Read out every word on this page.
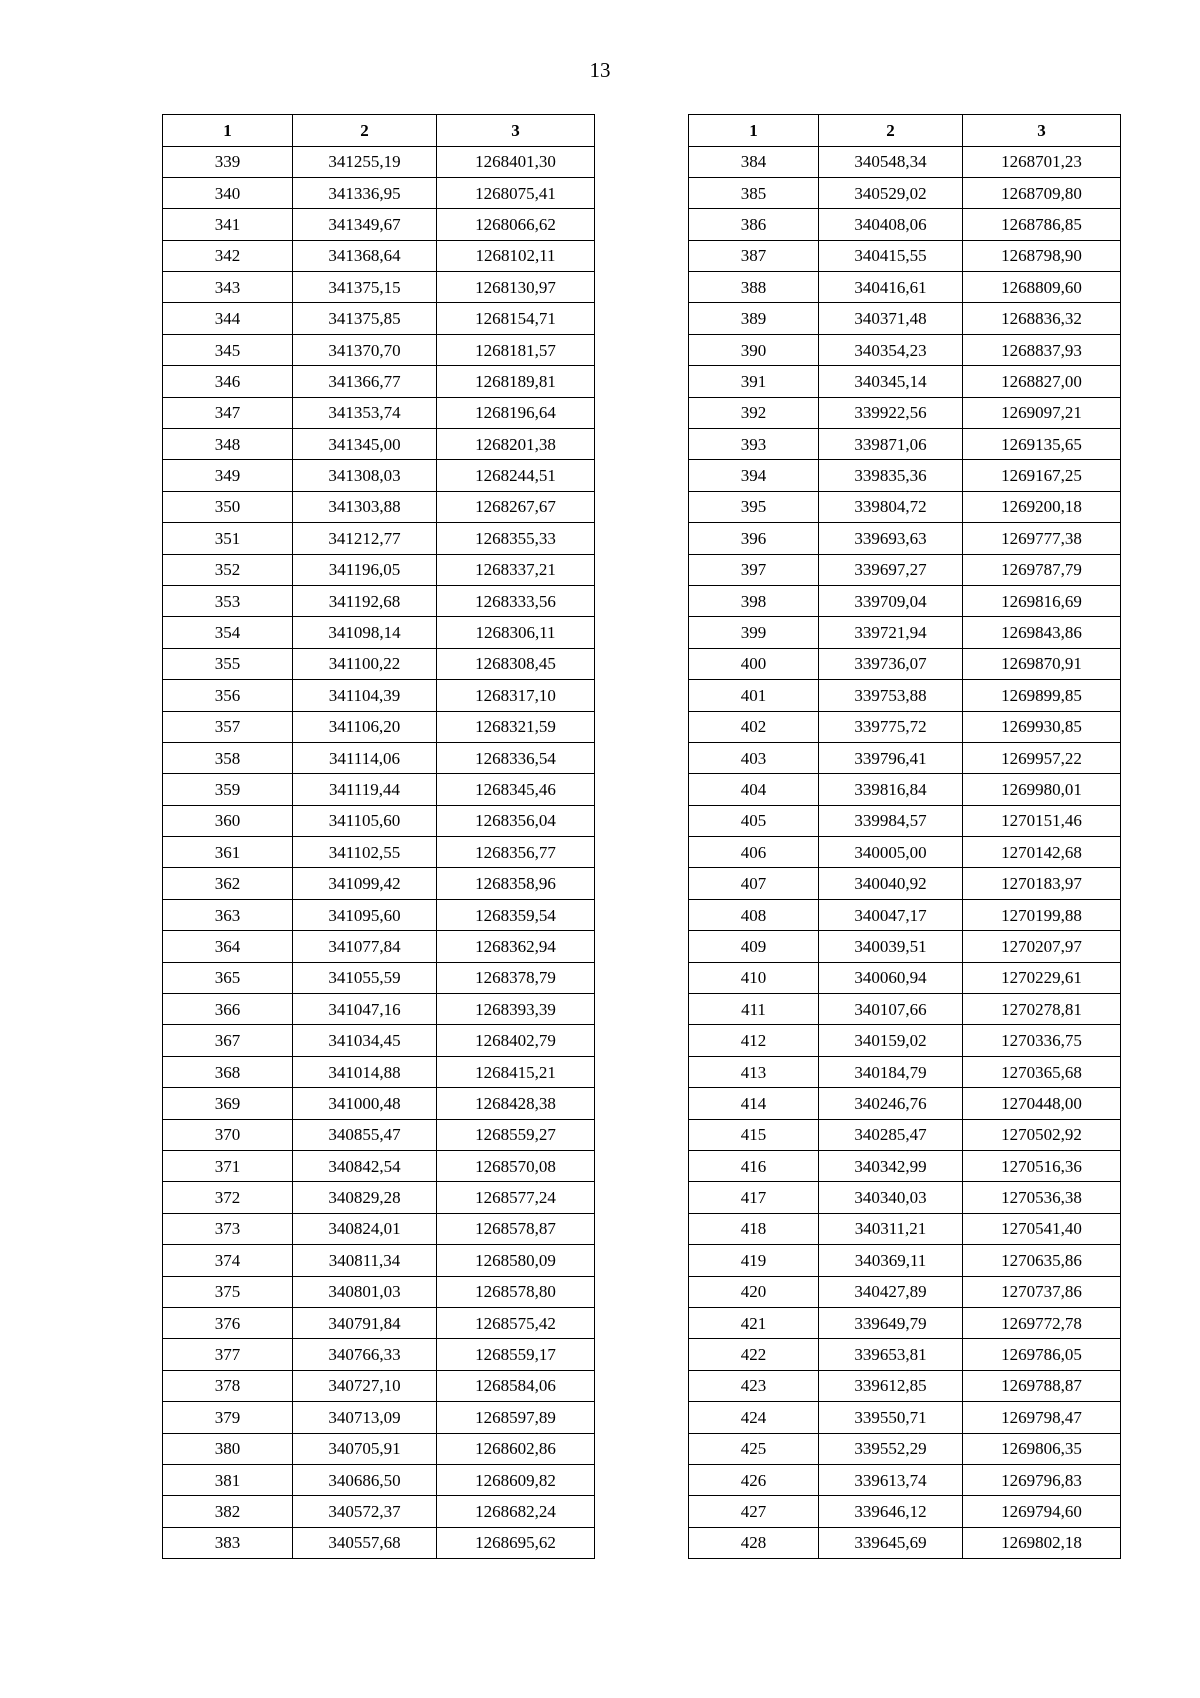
13
1	2	3
339	341255,19	1268401,30
340	341336,95	1268075,41
341	341349,67	1268066,62
342	341368,64	1268102,11
343	341375,15	1268130,97
344	341375,85	1268154,71
345	341370,70	1268181,57
346	341366,77	1268189,81
347	341353,74	1268196,64
348	341345,00	1268201,38
349	341308,03	1268244,51
350	341303,88	1268267,67
351	341212,77	1268355,33
352	341196,05	1268337,21
353	341192,68	1268333,56
354	341098,14	1268306,11
355	341100,22	1268308,45
356	341104,39	1268317,10
357	341106,20	1268321,59
358	341114,06	1268336,54
359	341119,44	1268345,46
360	341105,60	1268356,04
361	341102,55	1268356,77
362	341099,42	1268358,96
363	341095,60	1268359,54
364	341077,84	1268362,94
365	341055,59	1268378,79
366	341047,16	1268393,39
367	341034,45	1268402,79
368	341014,88	1268415,21
369	341000,48	1268428,38
370	340855,47	1268559,27
371	340842,54	1268570,08
372	340829,28	1268577,24
373	340824,01	1268578,87
374	340811,34	1268580,09
375	340801,03	1268578,80
376	340791,84	1268575,42
377	340766,33	1268559,17
378	340727,10	1268584,06
379	340713,09	1268597,89
380	340705,91	1268602,86
381	340686,50	1268609,82
382	340572,37	1268682,24
383	340557,68	1268695,62
1	2	3
384	340548,34	1268701,23
385	340529,02	1268709,80
386	340408,06	1268786,85
387	340415,55	1268798,90
388	340416,61	1268809,60
389	340371,48	1268836,32
390	340354,23	1268837,93
391	340345,14	1268827,00
392	339922,56	1269097,21
393	339871,06	1269135,65
394	339835,36	1269167,25
395	339804,72	1269200,18
396	339693,63	1269777,38
397	339697,27	1269787,79
398	339709,04	1269816,69
399	339721,94	1269843,86
400	339736,07	1269870,91
401	339753,88	1269899,85
402	339775,72	1269930,85
403	339796,41	1269957,22
404	339816,84	1269980,01
405	339984,57	1270151,46
406	340005,00	1270142,68
407	340040,92	1270183,97
408	340047,17	1270199,88
409	340039,51	1270207,97
410	340060,94	1270229,61
411	340107,66	1270278,81
412	340159,02	1270336,75
413	340184,79	1270365,68
414	340246,76	1270448,00
415	340285,47	1270502,92
416	340342,99	1270516,36
417	340340,03	1270536,38
418	340311,21	1270541,40
419	340369,11	1270635,86
420	340427,89	1270737,86
421	339649,79	1269772,78
422	339653,81	1269786,05
423	339612,85	1269788,87
424	339550,71	1269798,47
425	339552,29	1269806,35
426	339613,74	1269796,83
427	339646,12	1269794,60
428	339645,69	1269802,18
